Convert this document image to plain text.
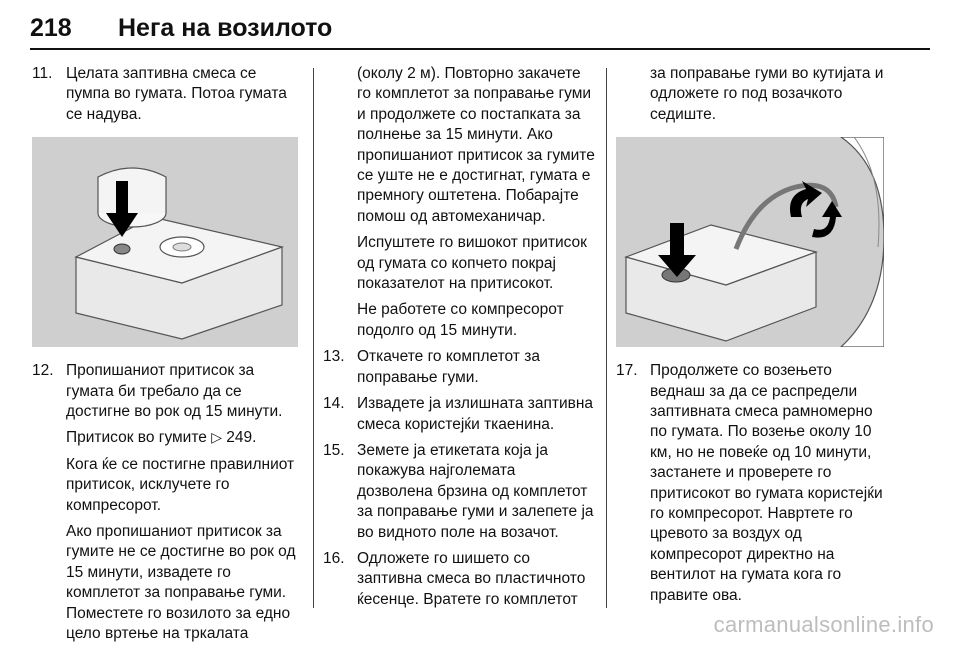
218 Нега на возилото
11. Целата заптивна смеса се пумпа во гумата. Потоа гумата се надува.
12. Пропишаниот притисок за гумата би требало да се достигне во рок од 15 минути.

Притисок во гумите ▷ 249.

Кога ќе се постигне правилниот притисок, исклучете го компресорот.

Ако пропишаниот притисок за гумите не се достигне во рок од 15 минути, извадете го комплетот за поправање гуми. Поместете го возилото за едно цело вртење на тркалата

(околу 2 м). Повторно закачете го комплетот за поправање гуми и продолжете со постапката за полнење за 15 минути. Ако пропишаниот притисок за гумите се уште не е достигнат, гумата е премногу оштетена. Побарајте помош од автомеханичар.

Испуштете го вишокот притисок од гумата со копчето покрај показателот на притисокот.

Не работете со компресорот подолго од 15 минути.

13. Откачете го комплетот за поправање гуми.
14. Извадете ја излишната заптивна смеса користејќи ткаенина.
15. Земете ја етикетата која ја покажува најголемата дозволена брзина од комплетот за поправање гуми и залепете ја во видното поле на возачот.
16. Одложете го шишето со заптивна смеса во пластичното ќесенце. Вратете го комплетот

за поправање гуми во кутијата и одложете го под возачкото седиште.

17. Продолжете со возењето веднаш за да се распредели заптивната смеса рамномерно по гумата. По возење околу 10 км, но не повеќе од 10 минути, застанете и проверете го притисокот во гумата користејќи го компресорот. Навртете го цревото за воздух од компресорот директно на вентилот на гумата кога го правите ова.
carmanualsonline.info
